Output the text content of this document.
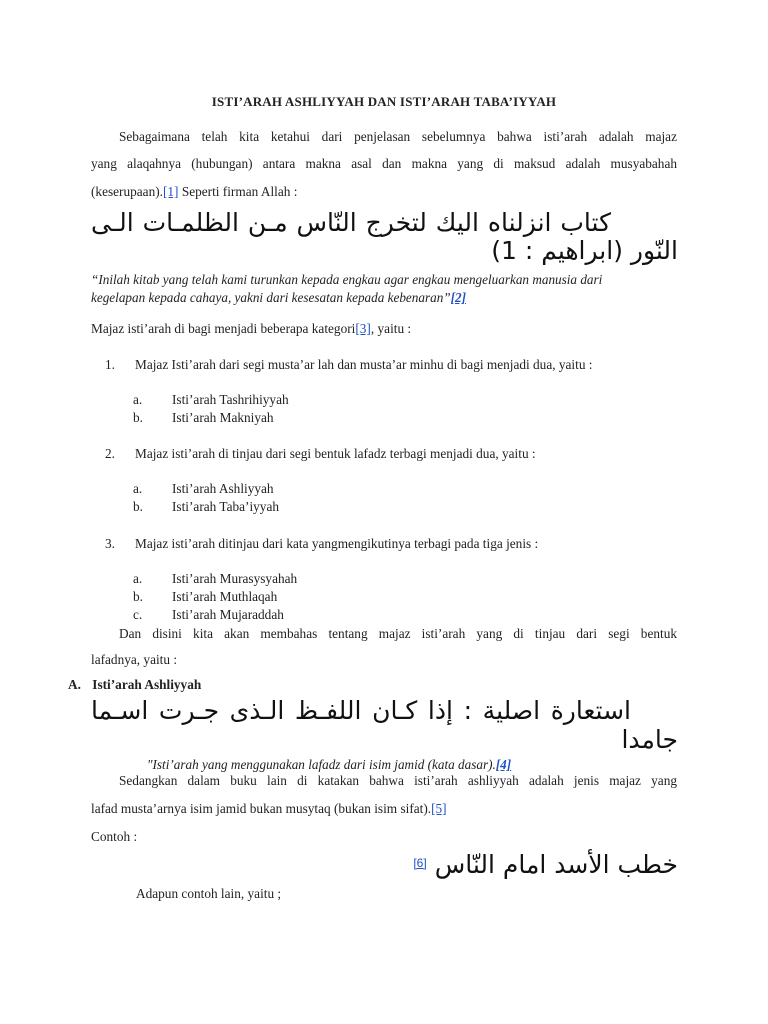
ISTI’ARAH ASHLIYYAH DAN ISTI’ARAH TABA’IYYAH
Sebagaimana telah kita ketahui dari penjelasan sebelumnya bahwa isti’arah adalah majaz
yang alaqahnya (hubungan) antara makna asal dan makna yang di maksud adalah musyabahah
(keserupaan).[1] Seperti firman Allah :
كتاب انزلناه اليك لتخرج النّاس مـن الظلمـات الـى
النّور (ابراهيم : 1)
“Inilah kitab yang telah kami turunkan kepada engkau agar engkau mengeluarkan manusia dari
kegelapan kepada cahaya, yakni dari kesesatan kepada kebenaran”[2]
Majaz isti’arah di bagi menjadi beberapa kategori[3], yaitu :
1. Majaz Isti’arah dari segi musta’ar lah dan musta’ar minhu di bagi menjadi dua, yaitu :
a. Isti’arah Tashrihiyyah
b. Isti’arah Makniyah
2. Majaz isti’arah di tinjau dari segi bentuk lafadz terbagi menjadi dua, yaitu :
a. Isti’arah Ashliyyah
b. Isti’arah Taba’iyyah
3. Majaz isti’arah ditinjau dari kata yangmengikutinya terbagi pada tiga jenis :
a. Isti’arah Murasysyahah
b. Isti’arah Muthlaqah
c. Isti’arah Mujaraddah
Dan disini kita akan membahas tentang majaz isti’arah yang di tinjau dari segi bentuk
lafadnya, yaitu :
A. Isti’arah Ashliyyah
استعارة اصلية : إذا كـان اللفـظ الـذى جـرت اسـما
جامدا
"Isti’arah yang menggunakan lafadz dari isim jamid (kata dasar).[4]
Sedangkan dalam buku lain di katakan bahwa isti’arah ashliyyah adalah jenis majaz yang
lafad musta’arnya isim jamid bukan musytaq (bukan isim sifat).[5]
Contoh :
[6] خطب الأسد امام النّاس
Adapun contoh lain, yaitu ;
